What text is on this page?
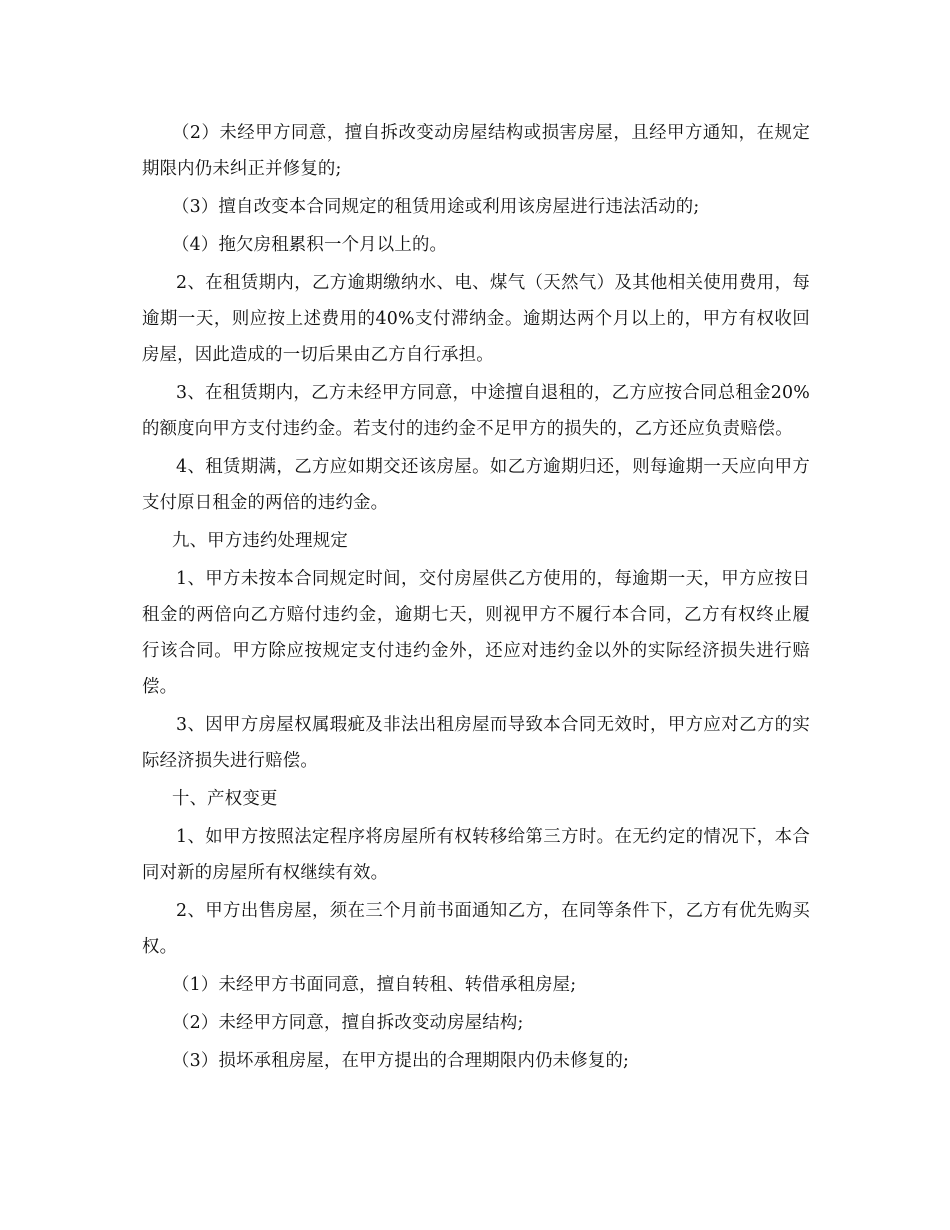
（2）未经甲方同意，擅自拆改变动房屋结构或损害房屋，且经甲方通知，在规定期限内仍未纠正并修复的;

（3）擅自改变本合同规定的租赁用途或利用该房屋进行违法活动的;

（4）拖欠房租累积一个月以上的。

2、在租赁期内，乙方逾期缴纳水、电、煤气（天然气）及其他相关使用费用，每逾期一天，则应按上述费用的40%支付滞纳金。逾期达两个月以上的，甲方有权收回房屋，因此造成的一切后果由乙方自行承担。

3、在租赁期内，乙方未经甲方同意，中途擅自退租的，乙方应按合同总租金20%的额度向甲方支付违约金。若支付的违约金不足甲方的损失的，乙方还应负责赔偿。

4、租赁期满，乙方应如期交还该房屋。如乙方逾期归还，则每逾期一天应向甲方支付原日租金的两倍的违约金。

九、甲方违约处理规定

1、甲方未按本合同规定时间，交付房屋供乙方使用的，每逾期一天，甲方应按日租金的两倍向乙方赔付违约金，逾期七天，则视甲方不履行本合同，乙方有权终止履行该合同。甲方除应按规定支付违约金外，还应对违约金以外的实际经济损失进行赔偿。

3、因甲方房屋权属瑕疵及非法出租房屋而导致本合同无效时，甲方应对乙方的实际经济损失进行赔偿。

十、产权变更

1、如甲方按照法定程序将房屋所有权转移给第三方时。在无约定的情况下，本合同对新的房屋所有权继续有效。

2、甲方出售房屋，须在三个月前书面通知乙方，在同等条件下，乙方有优先购买权。

（1）未经甲方书面同意，擅自转租、转借承租房屋;

（2）未经甲方同意，擅自拆改变动房屋结构;

（3）损坏承租房屋，在甲方提出的合理期限内仍未修复的;
